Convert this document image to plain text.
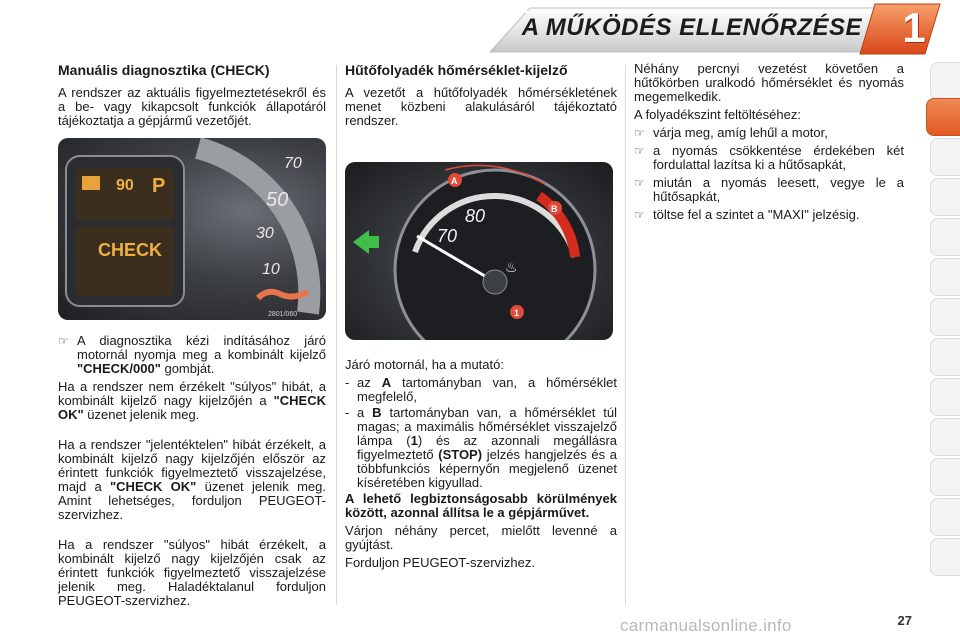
A MŰKÖDÉS ELLENŐRZÉSE 1
Manuális diagnosztika (CHECK)

A rendszer az aktuális figyelmeztetésekről és a be- vagy kikapcsolt funkciók állapotáról tájékoztatja a gépjármű vezetőjét.

90 P
CHECK
70
50
30
10
2801/060
☞ A diagnosztika kézi indításához járó motornál nyomja meg a kombinált kijelző "CHECK/000" gombját.

Ha a rendszer nem érzékelt "súlyos" hibát, a kombinált kijelző nagy kijelzőjén a "CHECK OK" üzenet jelenik meg.

Ha a rendszer "jelentéktelen" hibát érzékelt, a kombinált kijelző nagy kijelzőjén először az érintett funkciók figyelmeztető visszajelzése, majd a "CHECK OK" üzenet jelenik meg. Amint lehetséges, forduljon PEUGEOT-szervizhez.

Ha a rendszer "súlyos" hibát érzékelt, a kombinált kijelző nagy kijelzőjén csak az érintett funkciók figyelmeztető visszajelzése jelenik meg. Haladéktalanul forduljon PEUGEOT-szervizhez.

Hűtőfolyadék hőmérséklet-kijelző

A vezetőt a hűtőfolyadék hőmérsékletének menet közbeni alakulásáról tájékoztató rendszer.

70
80
♨
A
B
1

Járó motornál, ha a mutató:

- az A tartományban van, a hőmérséklet megfelelő,
- a B tartományban van, a hőmérséklet túl magas; a maximális hőmérséklet visszajelző lámpa (1) és az azonnali megállásra figyelmeztető (STOP) jelzés hangjelzés és a többfunkciós képernyőn megjelenő üzenet kíséretében kigyullad.

A lehető legbiztonságosabb körülmények között, azonnal állítsa le a gépjárművet.

Várjon néhány percet, mielőtt levenné a gyújtást.

Forduljon PEUGEOT-szervizhez.

Néhány percnyi vezetést követően a hűtőkörben uralkodó hőmérséklet és nyomás megemelkedik.

A folyadékszint feltöltéséhez:

☞ várja meg, amíg lehűl a motor,
☞ a nyomás csökkentése érdekében két fordulattal lazítsa ki a hűtősapkát,
☞ miután a nyomás leesett, vegye le a hűtősapkát,
☞ töltse fel a szintet a "MAXI" jelzésig.
27
carmanualsonline.info
